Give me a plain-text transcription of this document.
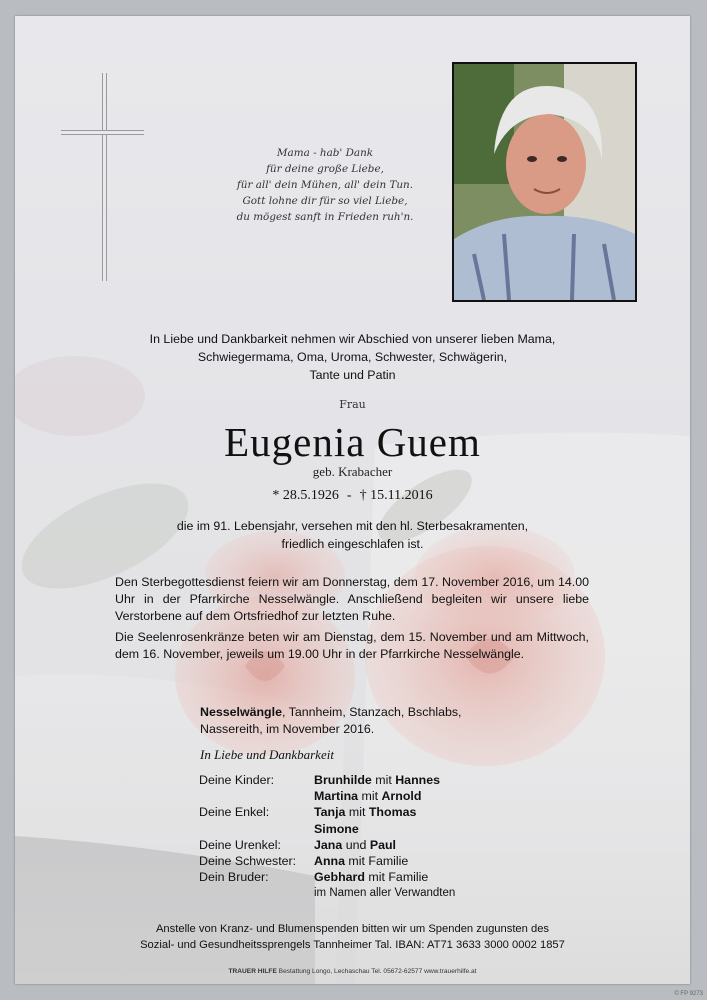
Mama - hab' Dank
für deine große Liebe,
für all' dein Mühen, all' dein Tun.
Gott lohne dir für so viel Liebe,
du mögest sanft in Frieden ruh'n.
In Liebe und Dankbarkeit nehmen wir Abschied von unserer lieben Mama,
Schwiegermama, Oma, Uroma, Schwester, Schwägerin,
Tante und Patin
Frau
Eugenia Guem
geb. Krabacher
* 28.5.1926 - † 15.11.2016
die im 91. Lebensjahr, versehen mit den hl. Sterbesakramenten,
friedlich eingeschlafen ist.
Den Sterbegottesdienst feiern wir am Donnerstag, dem 17. November 2016, um 14.00 Uhr in der Pfarrkirche Nesselwängle. Anschließend begleiten wir unsere liebe Verstorbene auf dem Ortsfriedhof zur letzten Ruhe.
Die Seelenrosenkränze beten wir am Dienstag, dem 15. November und am Mittwoch, dem 16. November, jeweils um 19.00 Uhr in der Pfarrkirche Nesselwängle.
Nesselwängle, Tannheim, Stanzach, Bschlabs,
Nassereith, im November 2016.
In Liebe und Dankbarkeit
Deine Kinder:	Brunhilde mit Hannes
Martina mit Arnold
Deine Enkel:	Tanja mit Thomas
Simone
Deine Urenkel:	Jana und Paul
Deine Schwester:	Anna mit Familie
Dein Bruder:	Gebhard mit Familie
im Namen aller Verwandten
Anstelle von Kranz- und Blumenspenden bitten wir um Spenden zugunsten des
Sozial- und Gesundheitssprengels Tannheimer Tal. IBAN: AT71 3633 3000 0002 1857
TRAUER HILFE Bestattung Longo, Lechaschau Tel. 05672-62577 www.trauerhilfe.at
© FP 9273
